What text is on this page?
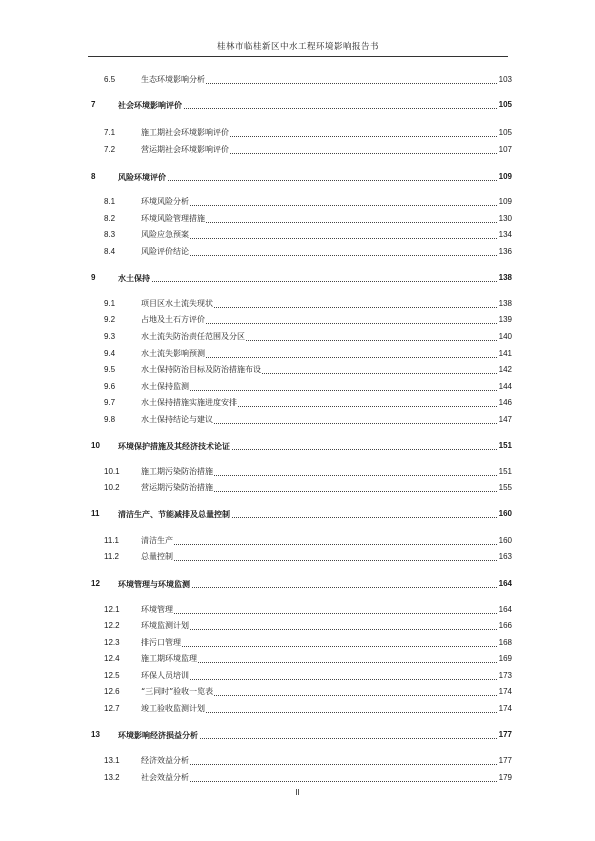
桂林市临桂新区中水工程环境影响报告书
6.5	生态环境影响分析	103
7	社会环境影响评价	105
7.1	施工期社会环境影响评价	105
7.2	营运期社会环境影响评价	107
8	风险环境评价	109
8.1	环境风险分析	109
8.2	环境风险管理措施	130
8.3	风险应急预案	134
8.4	风险评价结论	136
9	水土保持	138
9.1	项目区水土流失现状	138
9.2	占地及土石方评价	139
9.3	水土流失防治责任范围及分区	140
9.4	水土流失影响预测	141
9.5	水土保持防治目标及防治措施布设	142
9.6	水土保持监测	144
9.7	水土保持措施实施进度安排	146
9.8	水土保持结论与建议	147
10 环境保护措施及其经济技术论证	151
10.1	施工期污染防治措施	151
10.2	营运期污染防治措施	155
11 清洁生产、节能减排及总量控制	160
11.1	清洁生产	160
11.2	总量控制	163
12 环境管理与环境监测	164
12.1	环境管理	164
12.2	环境监测计划	166
12.3	排污口管理	168
12.4	施工期环境监理	169
12.5	环保人员培训	173
12.6	“三同时”验收一览表	174
12.7	竣工验收监测计划	174
13 环境影响经济损益分析	177
13.1	经济效益分析	177
13.2	社会效益分析	179
II
